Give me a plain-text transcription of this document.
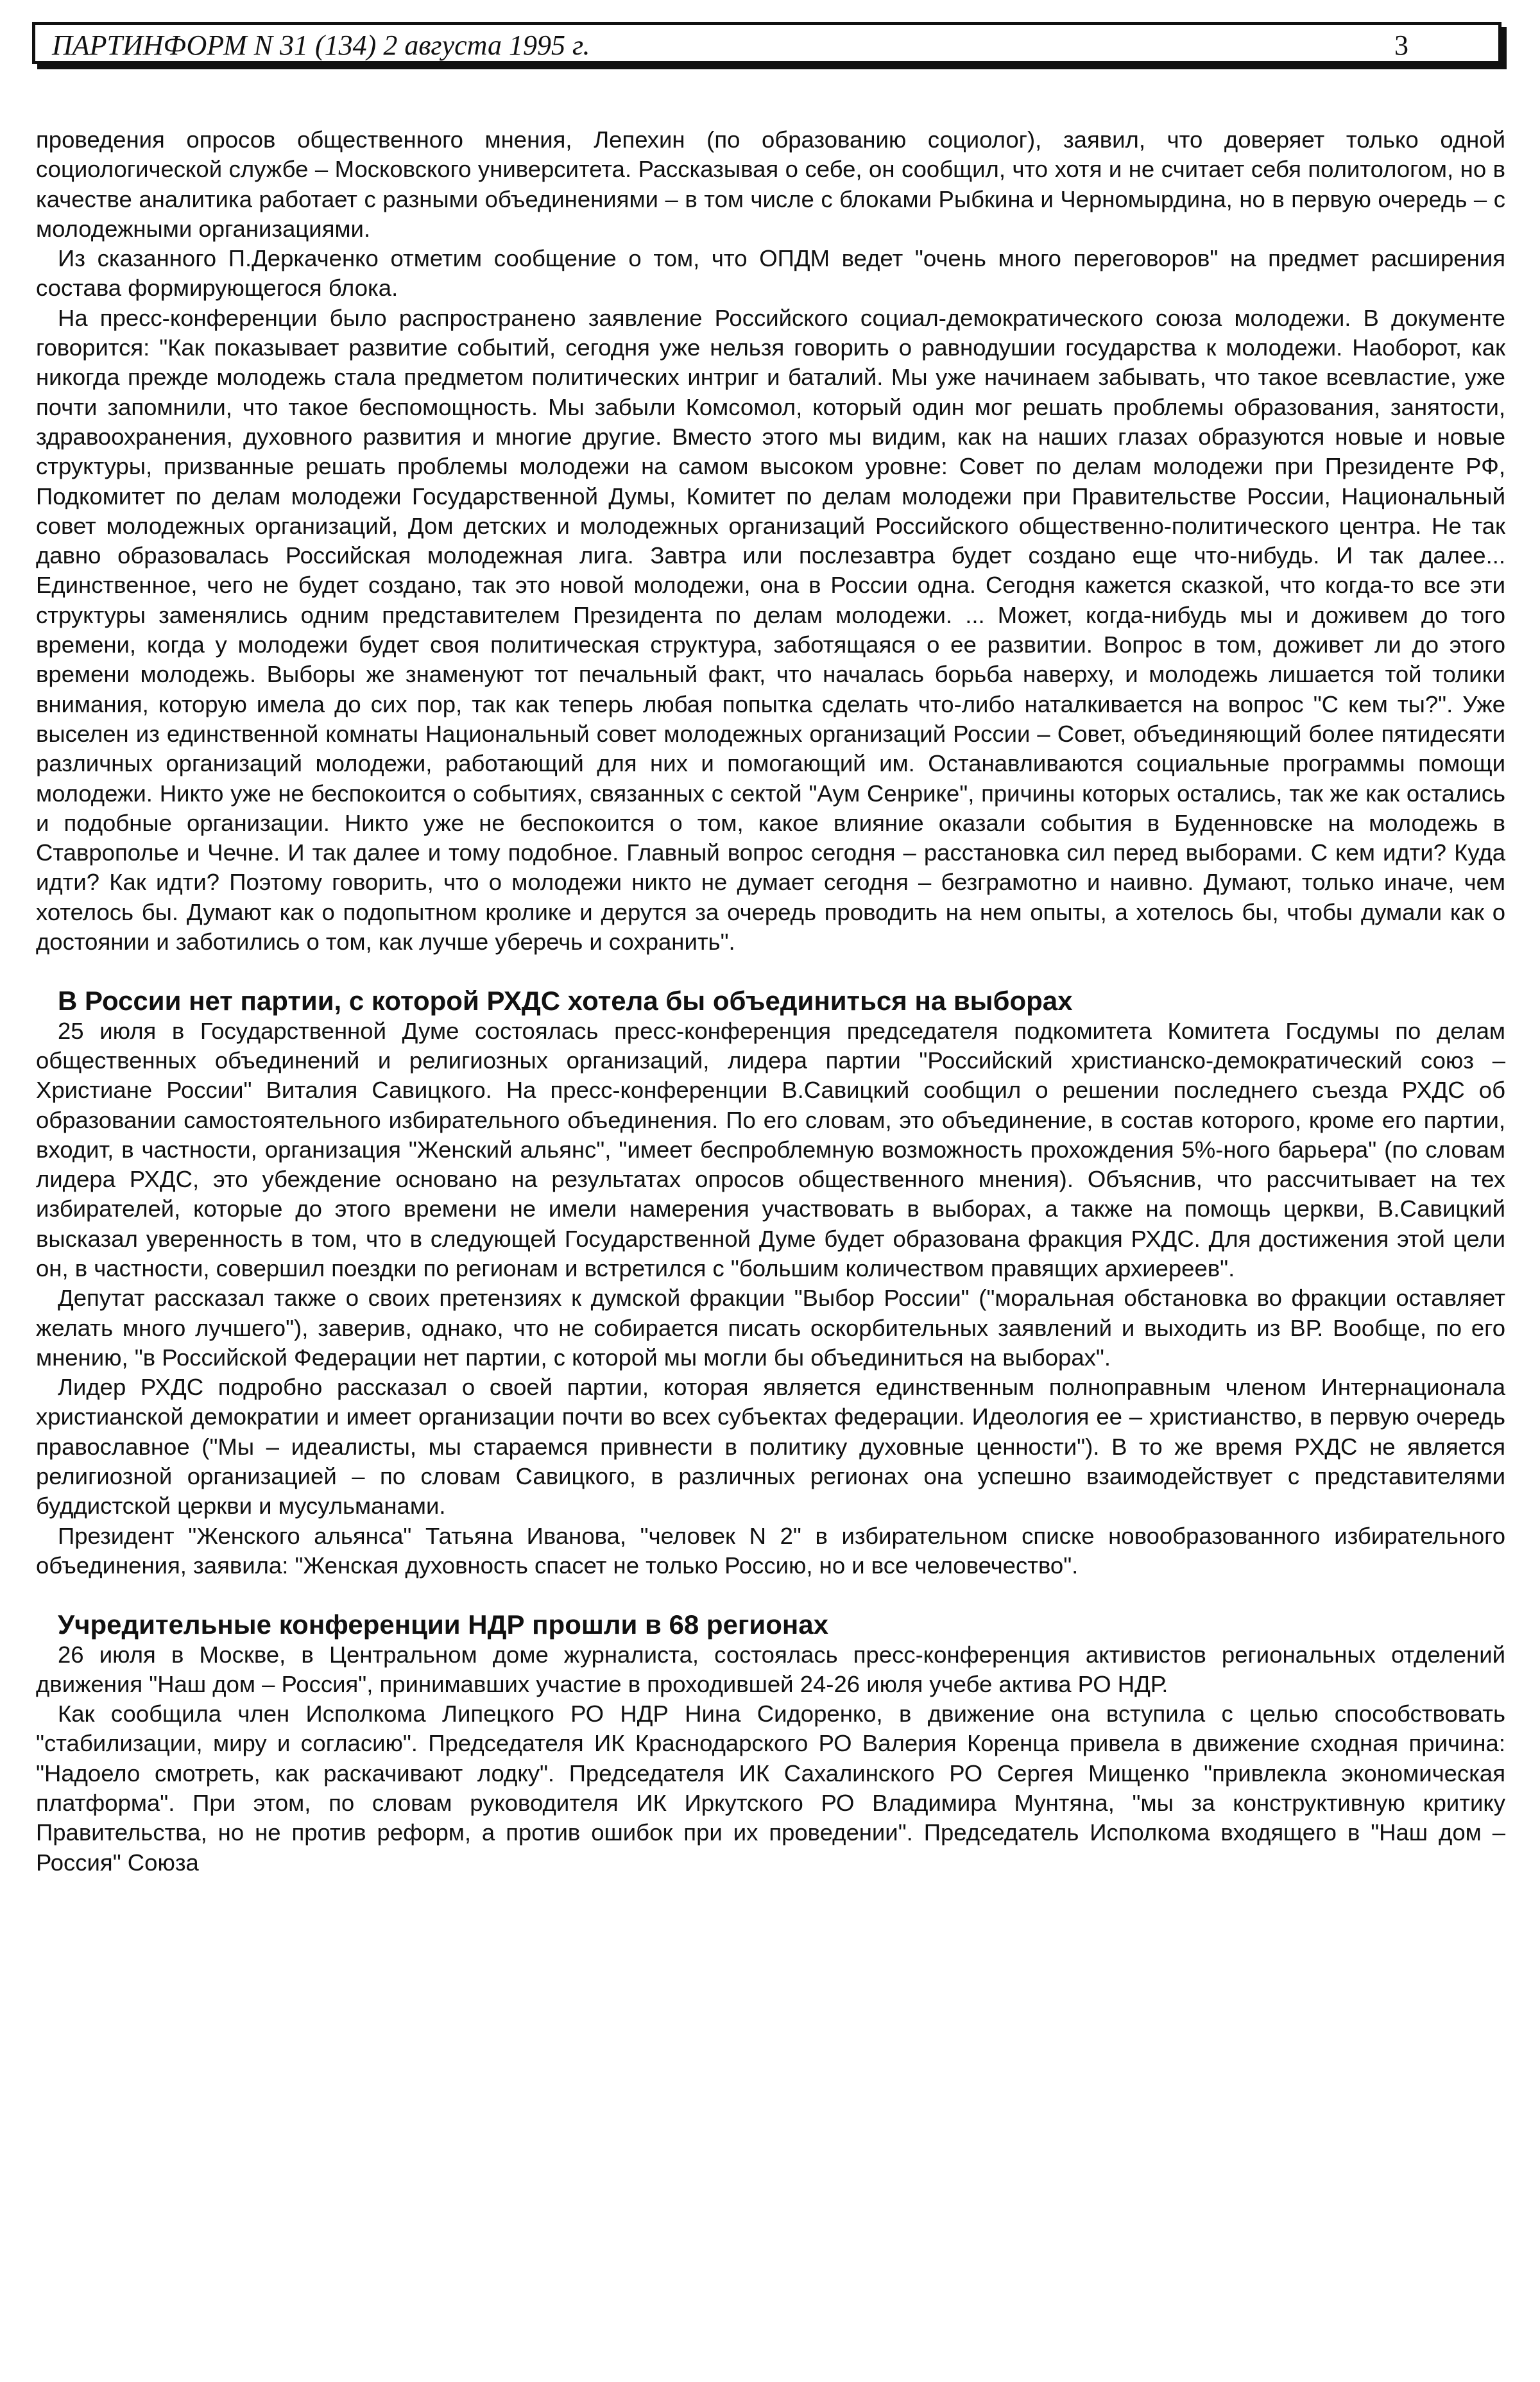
ПАРТИНФОРМ N 31 (134) 2 августа 1995 г.	3

проведения опросов общественного мнения, Лепехин (по образованию социолог), заявил, что доверяет только одной социологической службе – Московского университета. Рассказывая о себе, он сообщил, что хотя и не считает себя политологом, но в качестве аналитика работает с разными объединениями – в том числе с блоками Рыбкина и Черномырдина, но в первую очередь – с молодежными организациями.

Из сказанного П.Деркаченко отметим сообщение о том, что ОПДМ ведет "очень много переговоров" на предмет расширения состава формирующегося блока.

На пресс-конференции было распространено заявление Российского социал-демократического союза молодежи. В документе говорится: "Как показывает развитие событий, сегодня уже нельзя говорить о равнодушии государства к молодежи. Наоборот, как никогда прежде молодежь стала предметом политических интриг и баталий. Мы уже начинаем забывать, что такое всевластие, уже почти запомнили, что такое беспомощность. Мы забыли Комсомол, который один мог решать проблемы образования, занятости, здравоохранения, духовного развития и многие другие. Вместо этого мы видим, как на наших глазах образуются новые и новые структуры, призванные решать проблемы молодежи на самом высоком уровне: Совет по делам молодежи при Президенте РФ, Подкомитет по делам молодежи Государственной Думы, Комитет по делам молодежи при Правительстве России, Национальный совет молодежных организаций, Дом детских и молодежных организаций Российского общественно-политического центра. Не так давно образовалась Российская молодежная лига. Завтра или послезавтра будет создано еще что-нибудь. И так далее... Единственное, чего не будет создано, так это новой молодежи, она в России одна. Сегодня кажется сказкой, что когда-то все эти структуры заменялись одним представителем Президента по делам молодежи. ... Может, когда-нибудь мы и доживем до того времени, когда у молодежи будет своя политическая структура, заботящаяся о ее развитии. Вопрос в том, доживет ли до этого времени молодежь. Выборы же знаменуют тот печальный факт, что началась борьба наверху, и молодежь лишается той толики внимания, которую имела до сих пор, так как теперь любая попытка сделать что-либо наталкивается на вопрос "С кем ты?". Уже выселен из единственной комнаты Национальный совет молодежных организаций России – Совет, объединяющий более пятидесяти различных организаций молодежи, работающий для них и помогающий им. Останавливаются социальные программы помощи молодежи. Никто уже не беспокоится о событиях, связанных с сектой "Аум Сенрике", причины которых остались, так же как остались и подобные организации. Никто уже не беспокоится о том, какое влияние оказали события в Буденновске на молодежь в Ставрополье и Чечне. И так далее и тому подобное. Главный вопрос сегодня – расстановка сил перед выборами. С кем идти? Куда идти? Как идти? Поэтому говорить, что о молодежи никто не думает сегодня – безграмотно и наивно. Думают, только иначе, чем хотелось бы. Думают как о подопытном кролике и дерутся за очередь проводить на нем опыты, а хотелось бы, чтобы думали как о достоянии и заботились о том, как лучше уберечь и сохранить".

В России нет партии, с которой РХДС хотела бы объединиться на выборах

25 июля в Государственной Думе состоялась пресс-конференция председателя подкомитета Комитета Госдумы по делам общественных объединений и религиозных организаций, лидера партии "Российский христианско-демократический союз – Христиане России" Виталия Савицкого. На пресс-конференции В.Савицкий сообщил о решении последнего съезда РХДС об образовании самостоятельного избирательного объединения. По его словам, это объединение, в состав которого, кроме его партии, входит, в частности, организация "Женский альянс", "имеет беспроблемную возможность прохождения 5%-ного барьера" (по словам лидера РХДС, это убеждение основано на результатах опросов общественного мнения). Объяснив, что рассчитывает на тех избирателей, которые до этого времени не имели намерения участвовать в выборах, а также на помощь церкви, В.Савицкий высказал уверенность в том, что в следующей Государственной Думе будет образована фракция РХДС. Для достижения этой цели он, в частности, совершил поездки по регионам и встретился с "большим количеством правящих архиереев".

Депутат рассказал также о своих претензиях к думской фракции "Выбор России" ("моральная обстановка во фракции оставляет желать много лучшего"), заверив, однако, что не собирается писать оскорбительных заявлений и выходить из ВР. Вообще, по его мнению, "в Российской Федерации нет партии, с которой мы могли бы объединиться на выборах".

Лидер РХДС подробно рассказал о своей партии, которая является единственным полноправным членом Интернационала христианской демократии и имеет организации почти во всех субъектах федерации. Идеология ее – христианство, в первую очередь православное ("Мы – идеалисты, мы стараемся привнести в политику духовные ценности"). В то же время РХДС не является религиозной организацией – по словам Савицкого, в различных регионах она успешно взаимодействует с представителями буддистской церкви и мусульманами.

Президент "Женского альянса" Татьяна Иванова, "человек N 2" в избирательном списке новообразованного избирательного объединения, заявила: "Женская духовность спасет не только Россию, но и все человечество".

Учредительные конференции НДР прошли в 68 регионах

26 июля в Москве, в Центральном доме журналиста, состоялась пресс-конференция активистов региональных отделений движения "Наш дом – Россия", принимавших участие в проходившей 24-26 июля учебе актива РО НДР.

Как сообщила член Исполкома Липецкого РО НДР Нина Сидоренко, в движение она вступила с целью способствовать "стабилизации, миру и согласию". Председателя ИК Краснодарского РО Валерия Коренца привела в движение сходная причина: "Надоело смотреть, как раскачивают лодку". Председателя ИК Сахалинского РО Сергея Мищенко "привлекла экономическая платформа". При этом, по словам руководителя ИК Иркутского РО Владимира Мунтяна, "мы за конструктивную критику Правительства, но не против реформ, а против ошибок при их проведении". Председатель Исполкома входящего в "Наш дом – Россия" Союза
